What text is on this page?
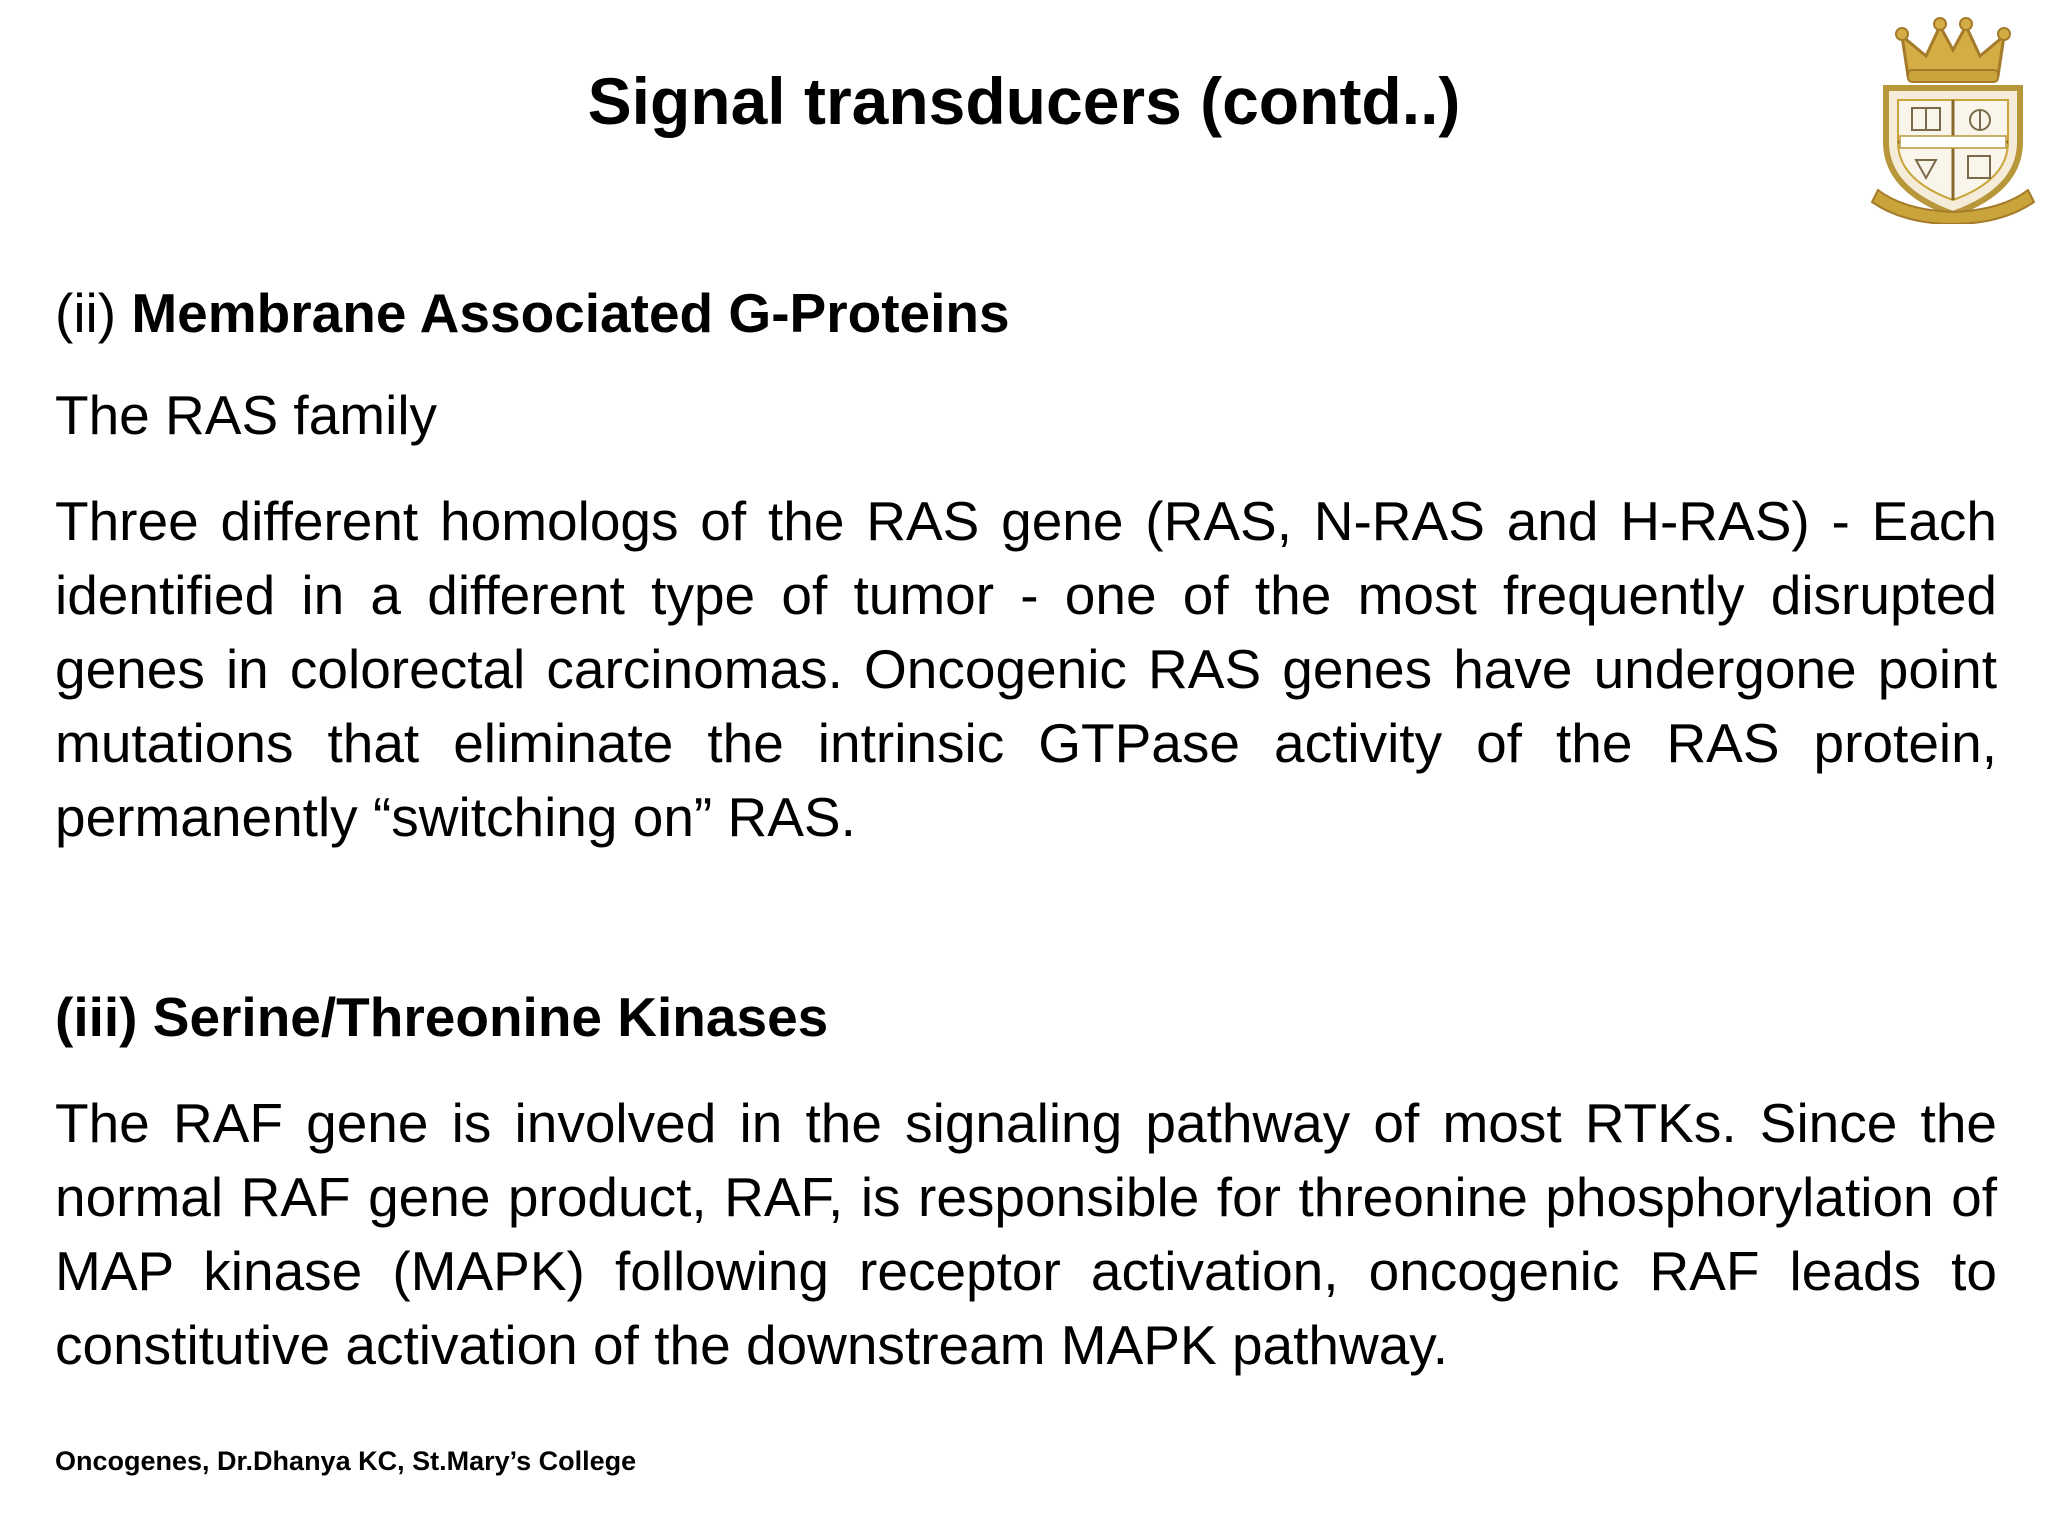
Signal transducers (contd..)

(ii) Membrane Associated G-Proteins

The RAS family

Three different homologs of the RAS gene (RAS, N-RAS and H-RAS) - Each identified in a different type of tumor - one of the most frequently disrupted genes in colorectal carcinomas. Oncogenic RAS genes have undergone point mutations that eliminate the intrinsic GTPase activity of the RAS protein, permanently “switching on” RAS.

(iii) Serine/Threonine Kinases

The RAF gene is involved in the signaling pathway of most RTKs. Since the normal RAF gene product, RAF, is responsible for threonine phosphorylation of MAP kinase (MAPK) following receptor activation, oncogenic RAF leads to constitutive activation of the downstream MAPK pathway.

Oncogenes, Dr.Dhanya KC, St.Mary’s College
